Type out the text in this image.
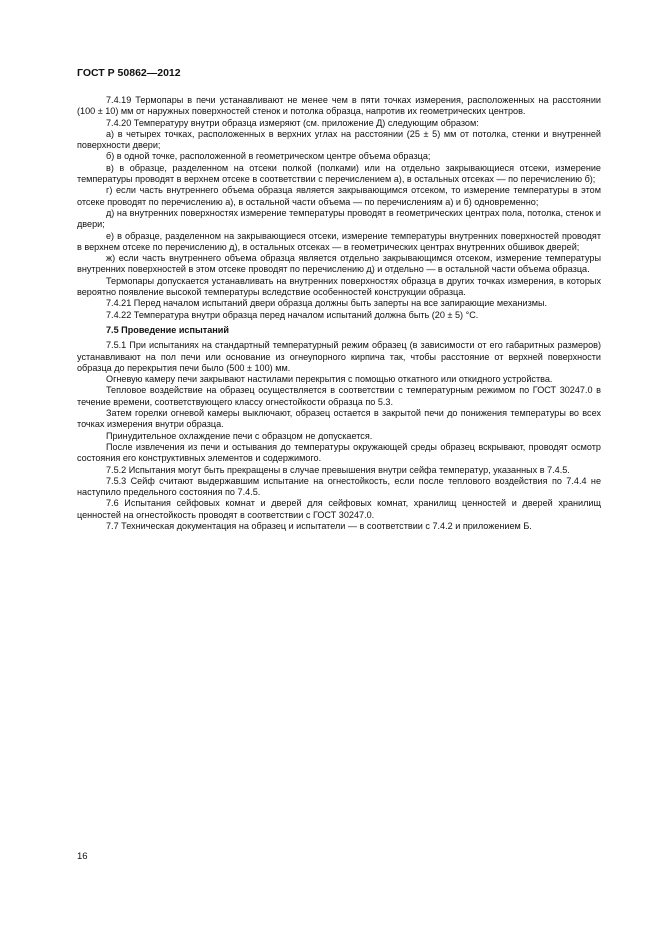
ГОСТ Р 50862—2012

7.4.19 Термопары в печи устанавливают не менее чем в пяти точках измерения, расположенных на расстоянии (100 ± 10) мм от наружных поверхностей стенок и потолка образца, напротив их геометрических центров.

7.4.20 Температуру внутри образца измеряют (см. приложение Д) следующим образом:

а) в четырех точках, расположенных в верхних углах на расстоянии (25 ± 5) мм от потолка, стенки и внутренней поверхности двери;

б) в одной точке, расположенной в геометрическом центре объема образца;

в) в образце, разделенном на отсеки полкой (полками) или на отдельно закрывающиеся отсеки, измерение температуры проводят в верхнем отсеке в соответствии с перечислением а), в остальных отсеках — по перечислению б);

г) если часть внутреннего объема образца является закрывающимся отсеком, то измерение температуры в этом отсеке проводят по перечислению а), в остальной части объема — по перечислениям а) и б) одновременно;

д) на внутренних поверхностях измерение температуры проводят в геометрических центрах пола, потолка, стенок и двери;

е) в образце, разделенном на закрывающиеся отсеки, измерение температуры внутренних поверхностей проводят в верхнем отсеке по перечислению д), в остальных отсеках — в геометрических центрах внутренних обшивок дверей;

ж) если часть внутреннего объема образца является отдельно закрывающимся отсеком, измерение температуры внутренних поверхностей в этом отсеке проводят по перечислению д) и отдельно — в остальной части объема образца.

Термопары допускается устанавливать на внутренних поверхностях образца в других точках измерения, в которых вероятно появление высокой температуры вследствие особенностей конструкции образца.

7.4.21 Перед началом испытаний двери образца должны быть заперты на все запирающие механизмы.

7.4.22 Температура внутри образца перед началом испытаний должна быть (20 ± 5) °С.

7.5 Проведение испытаний

7.5.1 При испытаниях на стандартный температурный режим образец (в зависимости от его габаритных размеров) устанавливают на пол печи или основание из огнеупорного кирпича так, чтобы расстояние от верхней поверхности образца до перекрытия печи было (500 ± 100) мм.

Огневую камеру печи закрывают настилами перекрытия с помощью откатного или откидного устройства.

Тепловое воздействие на образец осуществляется в соответствии с температурным режимом по ГОСТ 30247.0 в течение времени, соответствующего классу огнестойкости образца по 5.3.

Затем горелки огневой камеры выключают, образец остается в закрытой печи до понижения температуры во всех точках измерения внутри образца.

Принудительное охлаждение печи с образцом не допускается.

После извлечения из печи и остывания до температуры окружающей среды образец вскрывают, проводят осмотр состояния его конструктивных элементов и содержимого.

7.5.2 Испытания могут быть прекращены в случае превышения внутри сейфа температур, указанных в 7.4.5.

7.5.3 Сейф считают выдержавшим испытание на огнестойкость, если после теплового воздействия по 7.4.4 не наступило предельного состояния по 7.4.5.

7.6 Испытания сейфовых комнат и дверей для сейфовых комнат, хранилищ ценностей и дверей хранилищ ценностей на огнестойкость проводят в соответствии с ГОСТ 30247.0.

7.7 Техническая документация на образец и испытатели — в соответствии с 7.4.2 и приложением Б.

16
